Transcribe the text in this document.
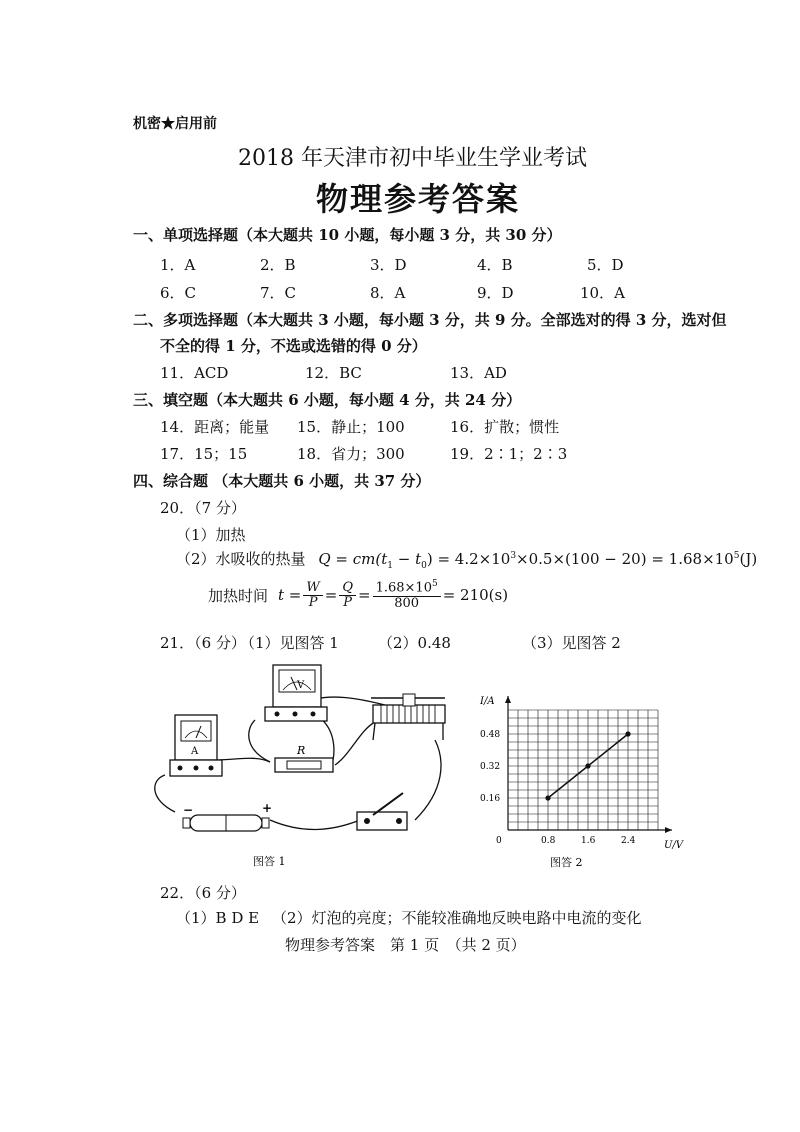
机密★启用前
2018 年天津市初中毕业生学业考试
物理参考答案
一、单项选择题（本大题共 10 小题，每小题 3 分，共 30 分）
1．A	2．B	3．D	4．B	5．D
6．C	7．C	8．A	9．D	10．A
二、多项选择题（本大题共 3 小题，每小题 3 分，共 9 分。全部选对的得 3 分，选对但
不全的得 1 分，不选或选错的得 0 分）
11．ACD	12．BC	13．AD
三、填空题（本大题共 6 小题，每小题 4 分，共 24 分）
14．距离；能量 15．静止；100	16．扩散；惯性
17．15；15	18．省力；300	19．2∶1；2∶3
四、综合题 （本大题共 6 小题，共 37 分）
20．（7 分）
（1）加热
（2）水吸收的热量 $Q = cm(t_1 - t_0) = 4.2\times 10^3\times 0.5\times(100 - 20) = 1.68\times 10^5(J)$
加热时间 $t = \frac{W}{P} = \frac{Q}{P} = \frac{1.68\times 10^5}{800} = 210(s)$
21．（6 分）
（1）见图答 1	（2）0.48	（3）见图答 2
A
V
R
−	+
图答 1
0.8	1.6	2.4
0.16
0.32
0.48
0	U/V
I/A
图答 2
22．（6 分）
（1）B D E （2）灯泡的亮度；不能较准确地反映电路中电流的变化
物理参考答案　第 1 页　（共 2 页）
